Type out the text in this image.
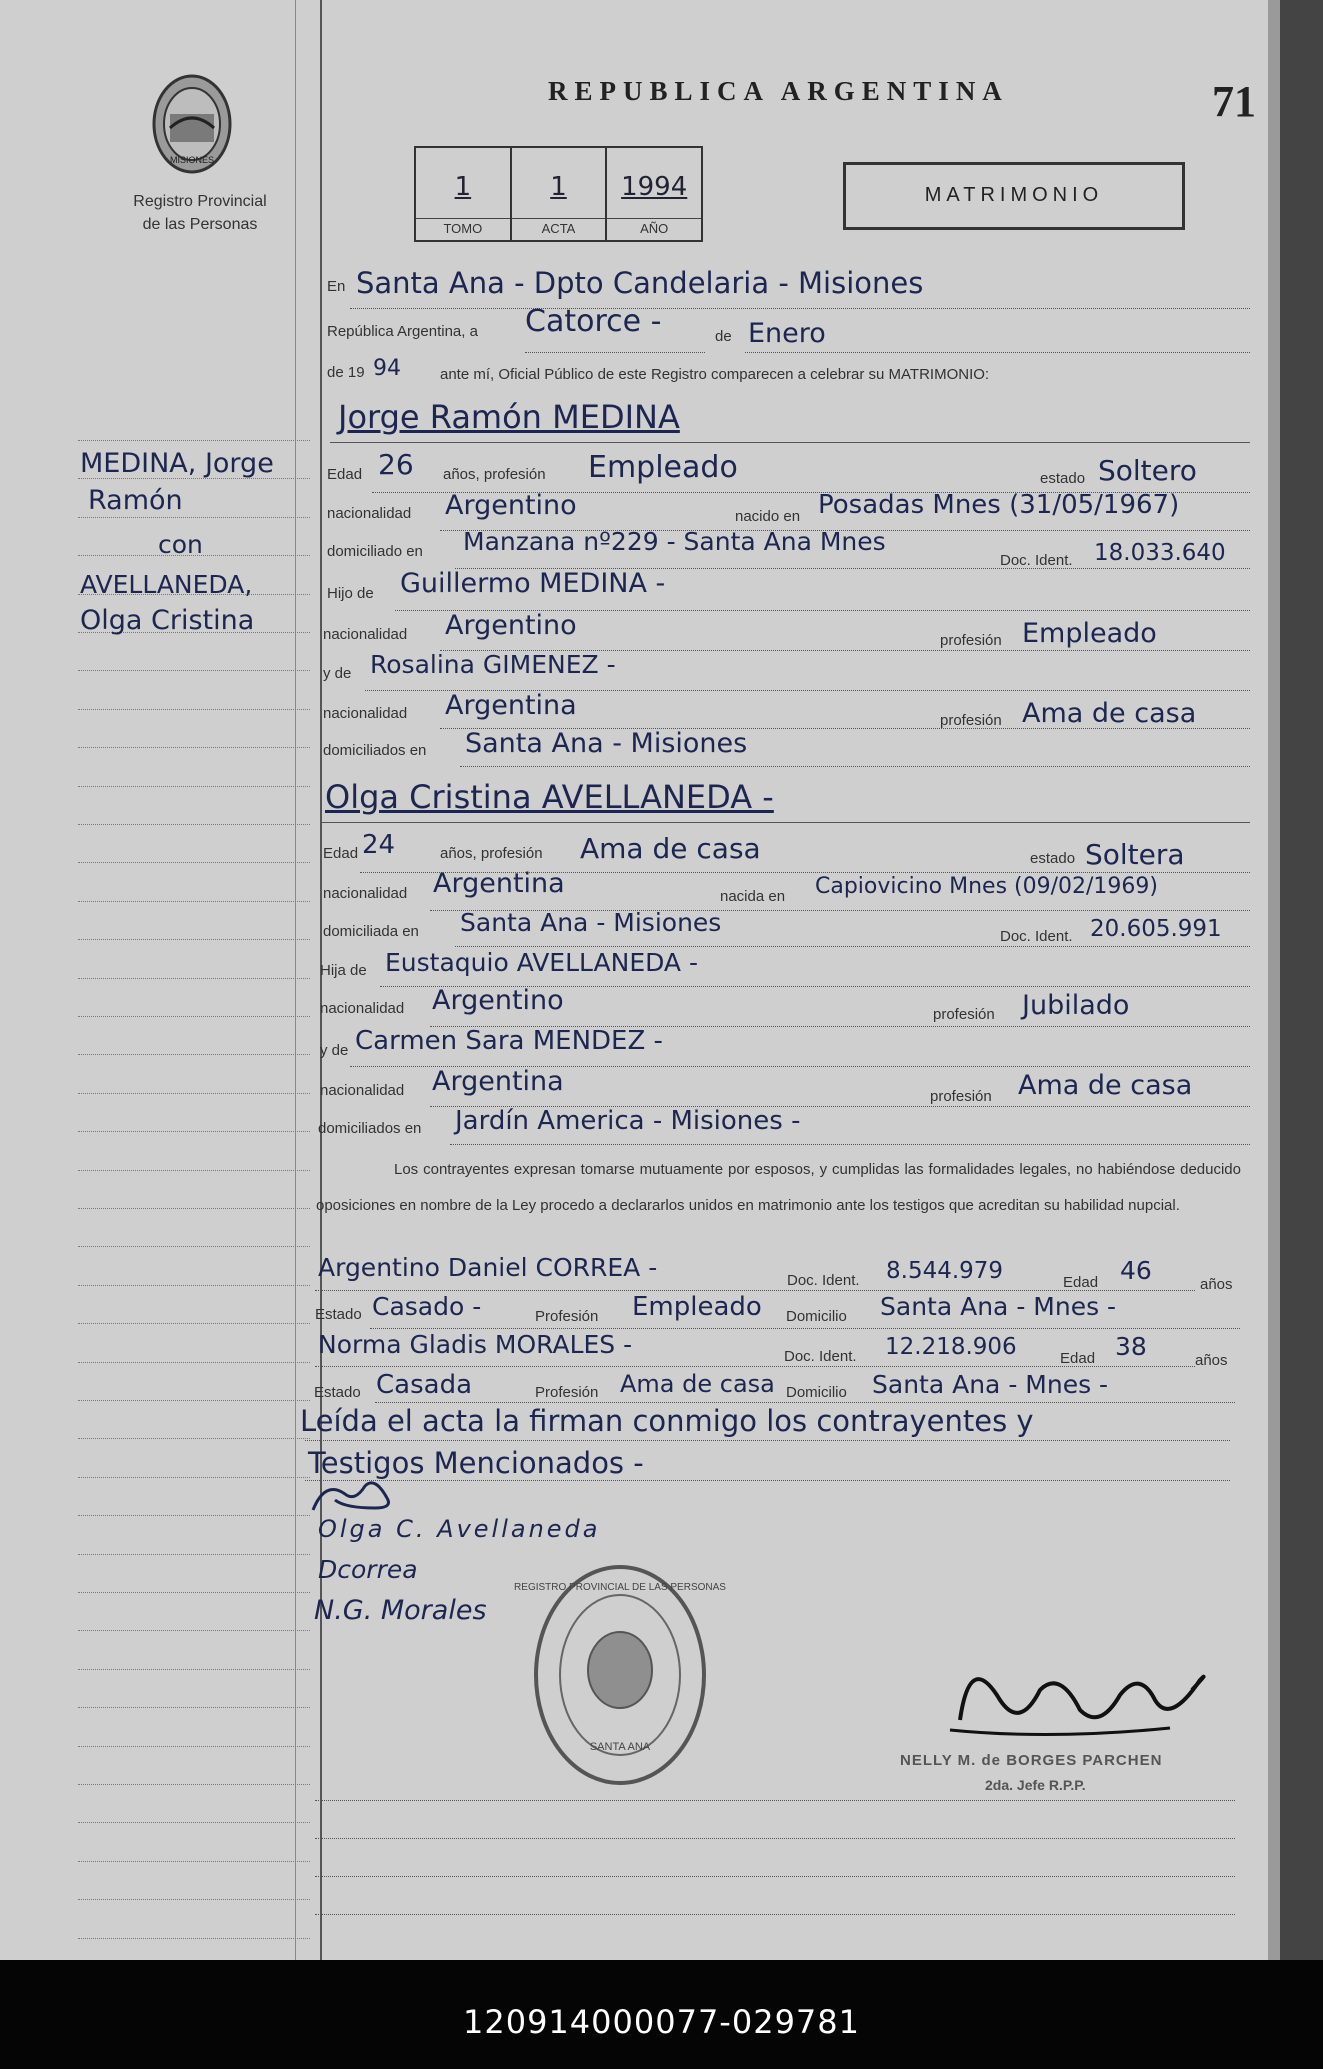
MISIONES
Registro Provincial
de las Personas
REPUBLICA ARGENTINA	71
1
TOMO
1
ACTA
1994
AÑO
MATRIMONIO
MEDINA, Jorge
Ramón
con
AVELLANEDA,
Olga Cristina
En Santa Ana - Dpto Candelaria - Misiones
República Argentina, a Catorce -	de Enero
de 19 94	ante mí, Oficial Público de este Registro comparecen a celebrar su MATRIMONIO:
Jorge Ramón MEDINA
Edad 26 años, profesión Empleado	estado Soltero
nacionalidad Argentino	nacido en Posadas Mnes (31/05/1967)
domiciliado en Manzana nº229 - Santa Ana Mnes
Doc. Ident. 18.033.640
Hijo de Guillermo MEDINA -
nacionalidad Argentino	profesión Empleado
y de Rosalina GIMENEZ -
nacionalidad Argentina	profesión Ama de casa
domiciliados en Santa Ana - Misiones
Olga Cristina AVELLANEDA -
Edad 24	años, profesión Ama de casa	estado Soltera
nacionalidad Argentina	nacida en Capiovicino Mnes (09/02/1969)
domiciliada en Santa Ana - Misiones	Doc. Ident. 20.605.991
Hija de Eustaquio AVELLANEDA -
nacionalidad Argentino	profesión Jubilado
y de Carmen Sara MENDEZ -
nacionalidad Argentina	profesión Ama de casa
domiciliados en Jardín America - Misiones -
Los contrayentes expresan tomarse mutuamente por esposos, y cumplidas las formalidades legales, no habiéndose deducido oposiciones en nombre de la Ley procedo a declararlos unidos en matrimonio ante los testigos que acreditan su habilidad nupcial.
Argentino Daniel CORREA -	Doc. Ident. 8.544.979	Edad 46	años
Estado Casado -	Profesión Empleado Domicilio Santa Ana - Mnes -
Norma Gladis MORALES -	Doc. Ident. 12.218.906	Edad 38	años
Estado Casada	Profesión Ama de casa Domicilio Santa Ana - Mnes -
Leída el acta la firman conmigo los contrayentes y
Testigos Mencionados -
Olga C. Avellaneda
Dcorrea
N.G. Morales
REGISTRO PROVINCIAL DE LAS PERSONAS
SANTA ANA
NELLY M. de BORGES PARCHEN
2da. Jefe R.P.P.
120914000077-029781
